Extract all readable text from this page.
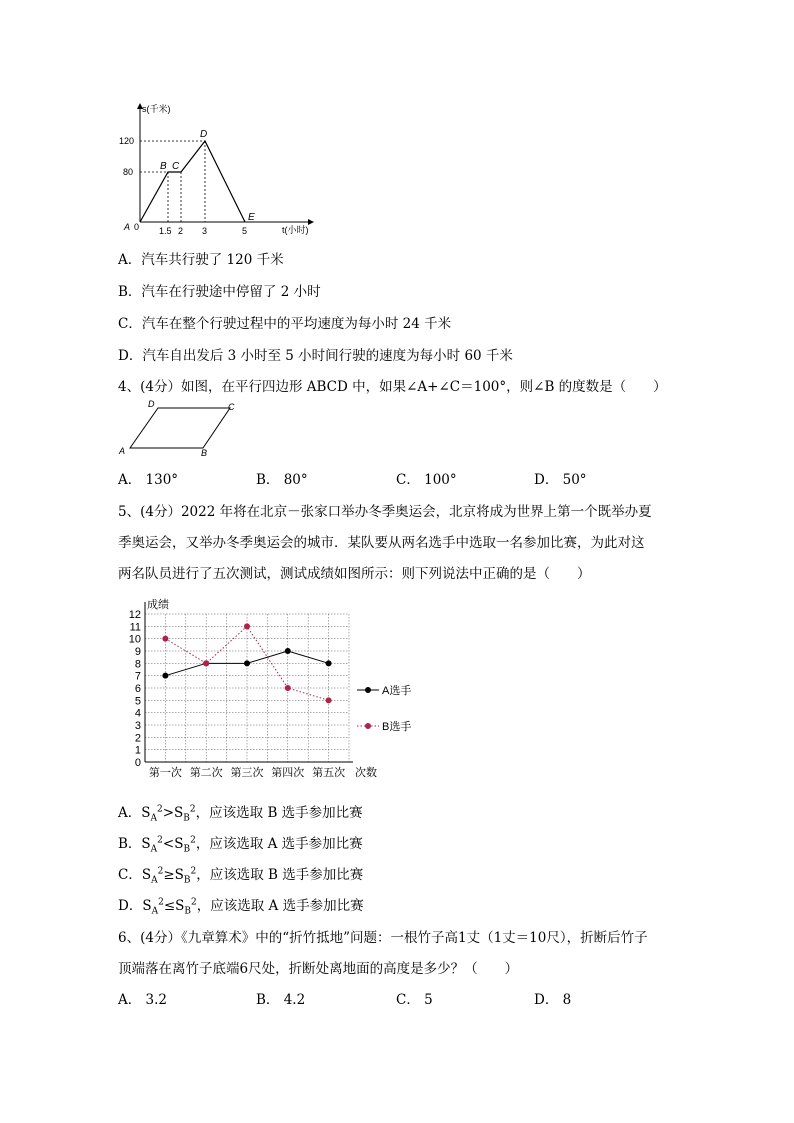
s(千米)
t(小时)
120
80
A 0 1.5 2 3	5
B C
D
E
A．汽车共行驶了 120 千米
B．汽车在行驶途中停留了 2 小时
C．汽车在整个行驶过程中的平均速度为每小时 24 千米
D．汽车自出发后 3 小时至 5 小时间行驶的速度为每小时 60 千米
4、(4分）如图，在平行四边形 ABCD 中，如果∠A+∠C＝100°，则∠B 的度数是（　　）
D	C
A	B
A． 130°	B． 80°	C． 100°	D． 50°
5、(4分）2022 年将在北京－张家口举办冬季奥运会，北京将成为世界上第一个既举办夏
季奥运会，又举办冬季奥运会的城市．某队要从两名选手中选取一名参加比赛，为此对这
两名队员进行了五次测试，测试成绩如图所示：则下列说法中正确的是（　　）
0
1
2
3
4
5
6
7
8
9
10
11
12
成绩
次数
第一次 第二次 第三次 第四次 第五次
A选手
B选手
A．$S_A^2>S_B^2$，应该选取 B 选手参加比赛
B．$S_A^2<S_B^2$，应该选取 A 选手参加比赛
C．$S_A^2\ge S_B^2$，应该选取 B 选手参加比赛
D．$S_A^2\le S_B^2$，应该选取 A 选手参加比赛
6、(4分）《九章算术》中的“折竹抵地”问题：一根竹子高1丈（1丈＝10尺），折断后竹子
顶端落在离竹子底端6尺处，折断处离地面的高度是多少？（　　）
A． 3.2	B． 4.2	C． 5	D． 8
